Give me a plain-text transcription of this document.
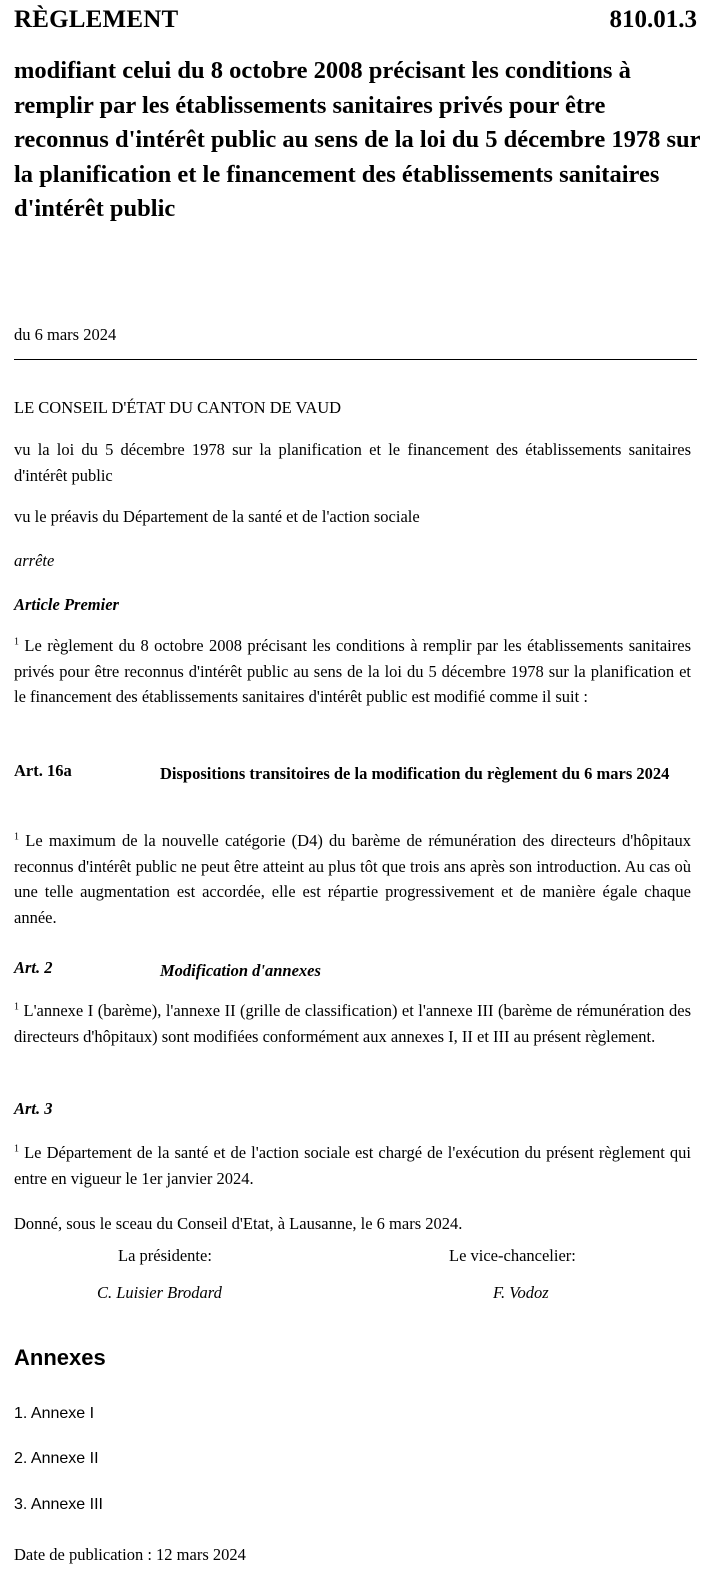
RÈGLEMENT	810.01.3
modifiant celui du 8 octobre 2008 précisant les conditions à remplir par les établissements sanitaires privés pour être reconnus d'intérêt public au sens de la loi du 5 décembre 1978 sur la planification et le financement des établissements sanitaires d'intérêt public
du 6 mars 2024
LE CONSEIL D'ÉTAT DU CANTON DE VAUD
vu la loi du 5 décembre 1978 sur la planification et le financement des établissements sanitaires d'intérêt public
vu le préavis du Département de la santé et de l'action sociale
arrête
Article Premier
$^1$ Le règlement du 8 octobre 2008 précisant les conditions à remplir par les établissements sanitaires privés pour être reconnus d'intérêt public au sens de la loi du 5 décembre 1978 sur la planification et le financement des établissements sanitaires d'intérêt public est modifié comme il suit :
Art. 16a	Dispositions transitoires de la modification du règlement du 6 mars 2024
$^1$ Le maximum de la nouvelle catégorie (D4) du barème de rémunération des directeurs d'hôpitaux reconnus d'intérêt public ne peut être atteint au plus tôt que trois ans après son introduction. Au cas où une telle augmentation est accordée, elle est répartie progressivement et de manière égale chaque année.
Art. 2	Modification d'annexes
$^1$ L'annexe I (barème), l'annexe II (grille de classification) et l'annexe III (barème de rémunération des directeurs d'hôpitaux) sont modifiées conformément aux annexes I, II et III au présent règlement.
Art. 3
$^1$ Le Département de la santé et de l'action sociale est chargé de l'exécution du présent règlement qui entre en vigueur le 1er janvier 2024.
Donné, sous le sceau du Conseil d'Etat, à Lausanne, le 6 mars 2024.
La présidente:
C. Luisier Brodard
Le vice-chancelier:
F. Vodoz
Annexes
1. Annexe I
2. Annexe II
3. Annexe III
Date de publication : 12 mars 2024
